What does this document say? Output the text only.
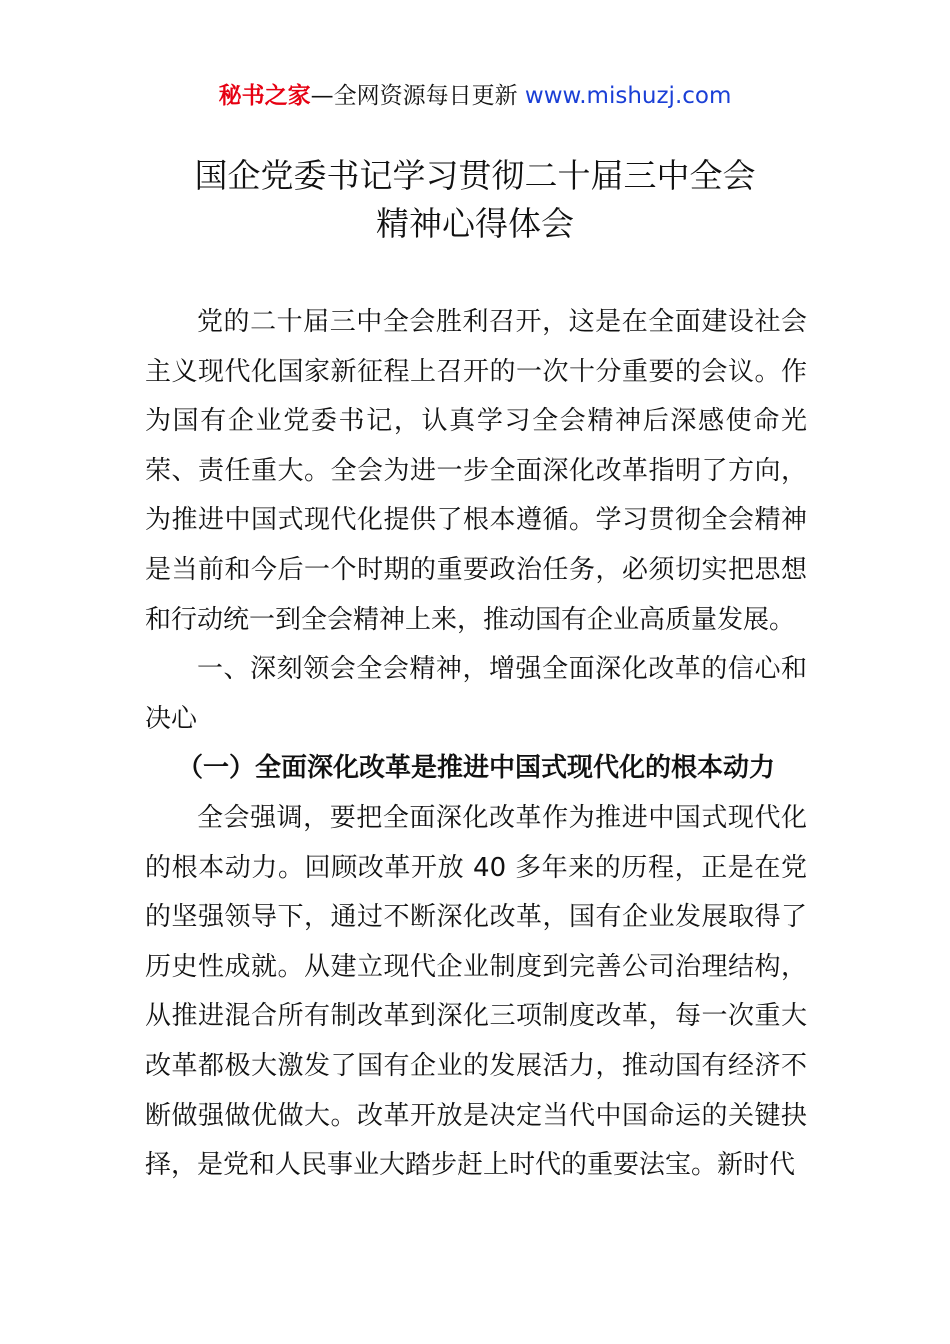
秘书之家—全网资源每日更新 www.mishuzj.com
国企党委书记学习贯彻二十届三中全会
精神心得体会

党的二十届三中全会胜利召开，这是在全面建设社会主义现代化国家新征程上召开的一次十分重要的会议。作为国有企业党委书记，认真学习全会精神后深感使命光荣、责任重大。全会为进一步全面深化改革指明了方向，为推进中国式现代化提供了根本遵循。学习贯彻全会精神是当前和今后一个时期的重要政治任务，必须切实把思想和行动统一到全会精神上来，推动国有企业高质量发展。

一、深刻领会全会精神，增强全面深化改革的信心和决心

（一）全面深化改革是推进中国式现代化的根本动力

全会强调，要把全面深化改革作为推进中国式现代化的根本动力。回顾改革开放 40 多年来的历程，正是在党的坚强领导下，通过不断深化改革，国有企业发展取得了历史性成就。从建立现代企业制度到完善公司治理结构，从推进混合所有制改革到深化三项制度改革，每一次重大改革都极大激发了国有企业的发展活力，推动国有经济不断做强做优做大。改革开放是决定当代中国命运的关键抉择，是党和人民事业大踏步赶上时代的重要法宝。新时代
